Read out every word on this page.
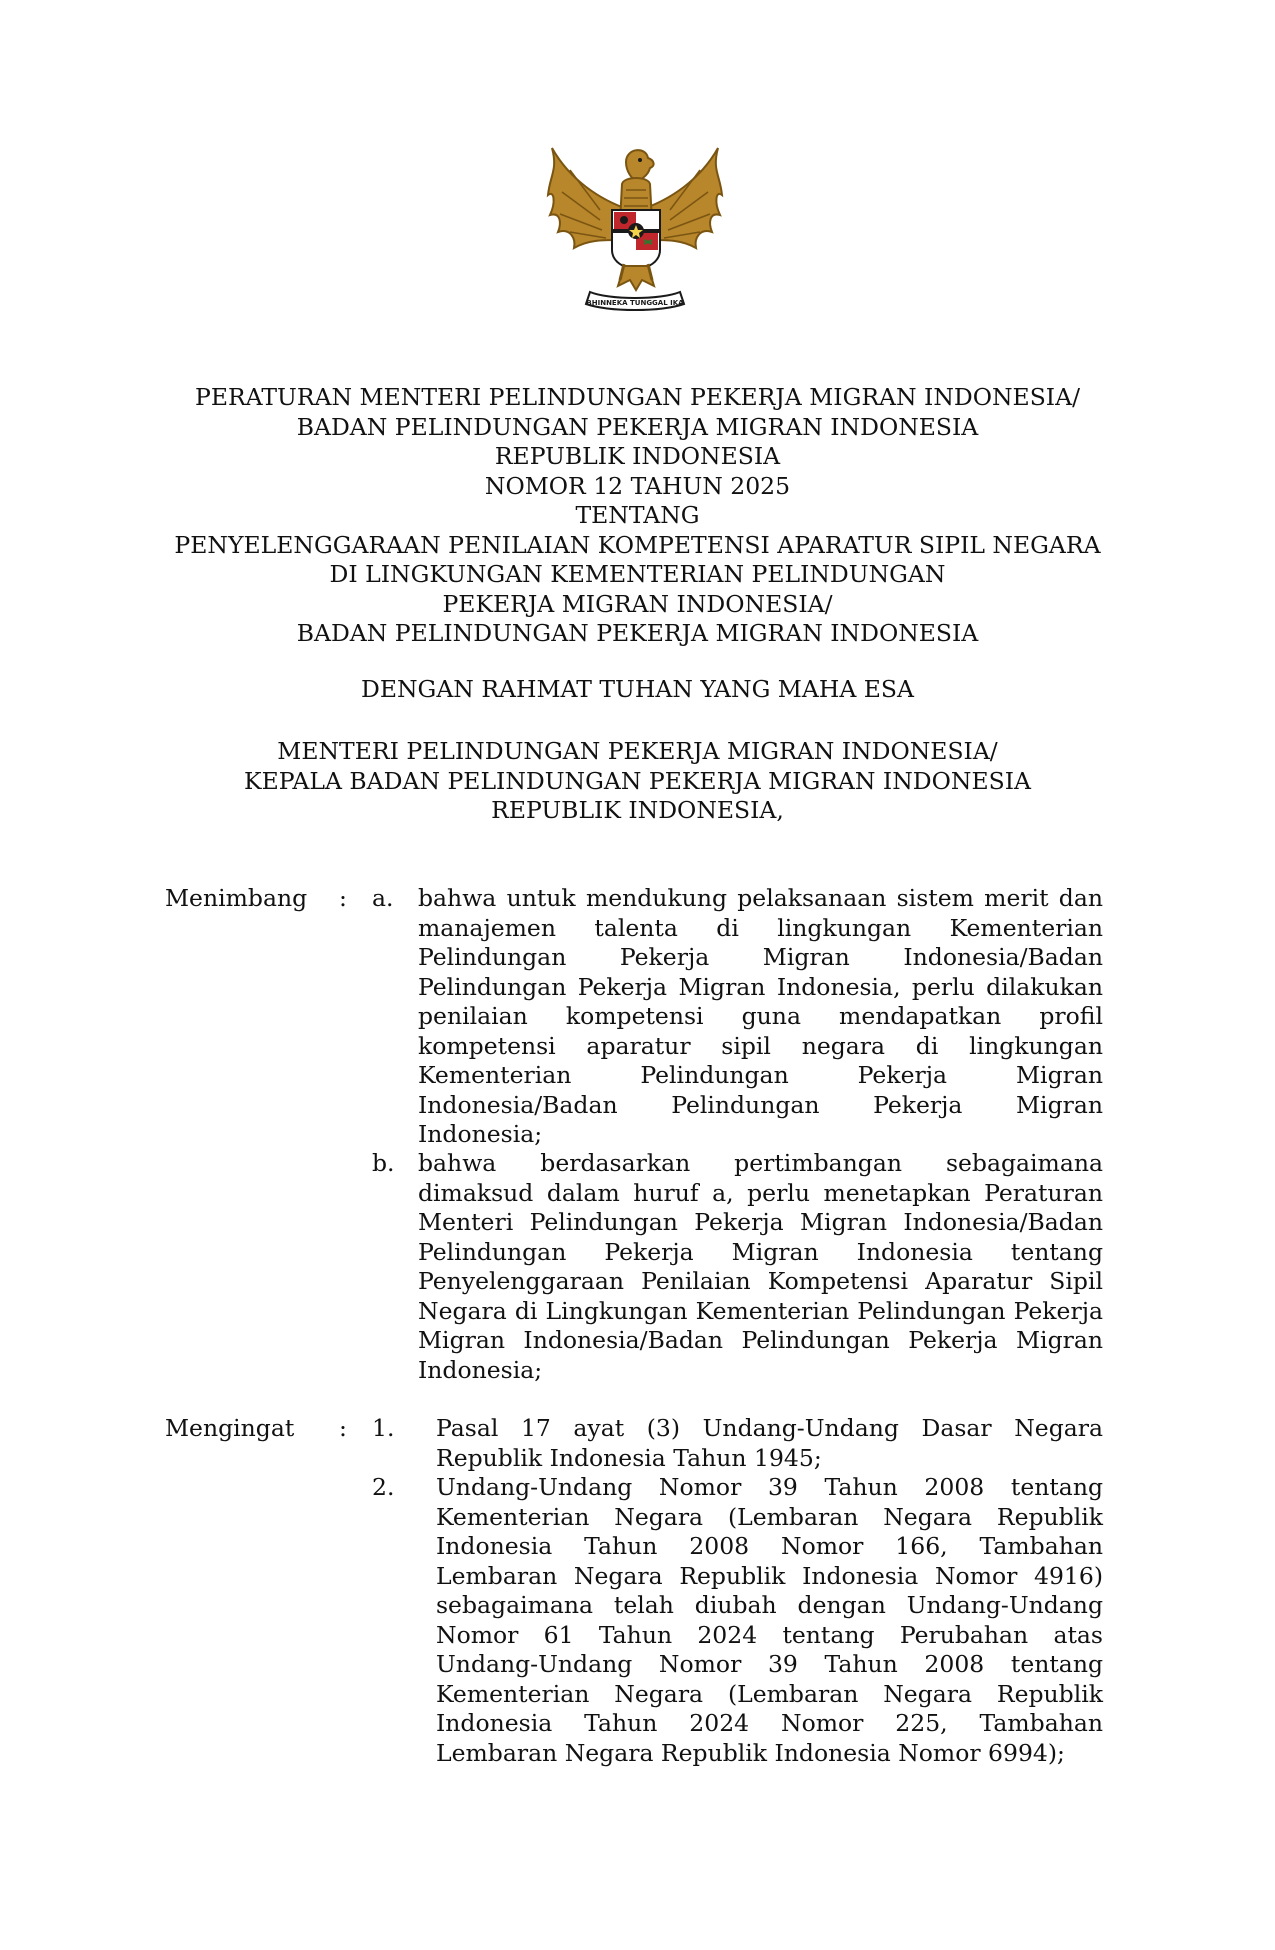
BHINNEKA TUNGGAL IKA
PERATURAN MENTERI PELINDUNGAN PEKERJA MIGRAN INDONESIA/
BADAN PELINDUNGAN PEKERJA MIGRAN INDONESIA
REPUBLIK INDONESIA
NOMOR 12 TAHUN 2025
TENTANG
PENYELENGGARAAN PENILAIAN KOMPETENSI APARATUR SIPIL NEGARA
DI LINGKUNGAN KEMENTERIAN PELINDUNGAN
PEKERJA MIGRAN INDONESIA/
BADAN PELINDUNGAN PEKERJA MIGRAN INDONESIA
DENGAN RAHMAT TUHAN YANG MAHA ESA
MENTERI PELINDUNGAN PEKERJA MIGRAN INDONESIA/
KEPALA BADAN PELINDUNGAN PEKERJA MIGRAN INDONESIA
REPUBLIK INDONESIA,
Menimbang : a. bahwa untuk mendukung pelaksanaan sistem merit dan
manajemen talenta di lingkungan Kementerian
Pelindungan Pekerja Migran Indonesia/Badan
Pelindungan Pekerja Migran Indonesia, perlu dilakukan
penilaian kompetensi guna mendapatkan profil
kompetensi aparatur sipil negara di lingkungan
Kementerian Pelindungan Pekerja Migran
Indonesia/Badan Pelindungan Pekerja Migran
Indonesia;
b. bahwa berdasarkan pertimbangan sebagaimana
dimaksud dalam huruf a, perlu menetapkan Peraturan
Menteri Pelindungan Pekerja Migran Indonesia/Badan
Pelindungan Pekerja Migran Indonesia tentang
Penyelenggaraan Penilaian Kompetensi Aparatur Sipil
Negara di Lingkungan Kementerian Pelindungan Pekerja
Migran Indonesia/Badan Pelindungan Pekerja Migran
Indonesia;
Mengingat : 1. Pasal 17 ayat (3) Undang-Undang Dasar Negara
Republik Indonesia Tahun 1945;
2. Undang-Undang Nomor 39 Tahun 2008 tentang
Kementerian Negara (Lembaran Negara Republik
Indonesia Tahun 2008 Nomor 166, Tambahan
Lembaran Negara Republik Indonesia Nomor 4916)
sebagaimana telah diubah dengan Undang-Undang
Nomor 61 Tahun 2024 tentang Perubahan atas
Undang-Undang Nomor 39 Tahun 2008 tentang
Kementerian Negara (Lembaran Negara Republik
Indonesia Tahun 2024 Nomor 225, Tambahan
Lembaran Negara Republik Indonesia Nomor 6994);
